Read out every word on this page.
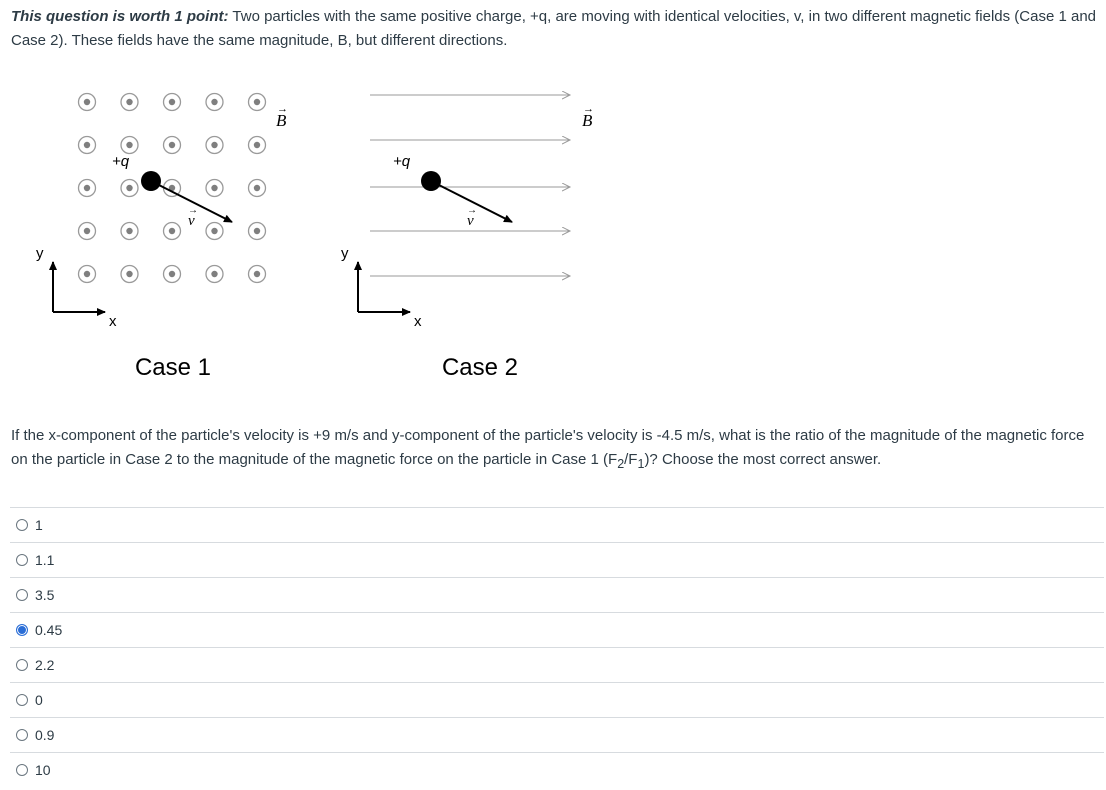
This question is worth 1 point: Two particles with the same positive charge, +q, are moving with identical velocities, v, in two different magnetic fields (Case 1 and Case 2). These fields have the same magnitude, B, but different directions.

B
→
+q
v
→
y
x
Case 1
B
→
+q
v
→
y
x
Case 2

If the x-component of the particle's velocity is +9 m/s and y-component of the particle's velocity is -4.5 m/s, what is the ratio of the magnitude of the magnetic force on the particle in Case 2 to the magnitude of the magnetic force on the particle in Case 1 $(F_2/F_1)$? Choose the most correct answer.

1
1.1
3.5
0.45
2.2
0
0.9
10
